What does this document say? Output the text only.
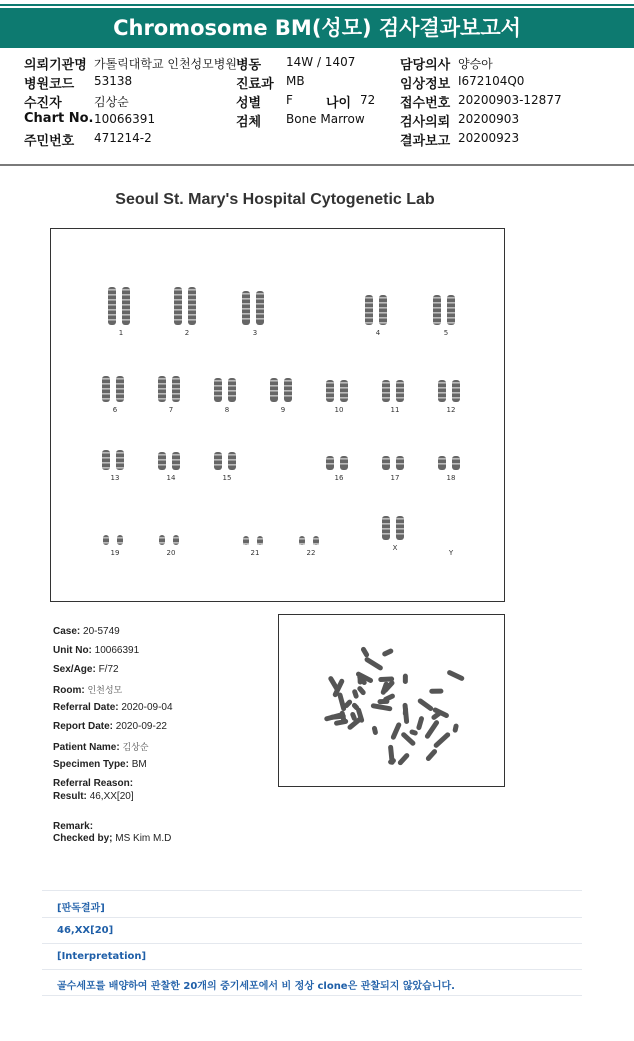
Chromosome BM(성모) 검사결과보고서
의뢰기관명 가톨릭대학교 인천성모병원 병동 14W / 1407	담당의사 양승아
병원코드 53138	진료과 MB	임상정보 I672104Q0
수진자	김상순	성별 F	나이 72 접수번호 20200903-12877
Chart No. 10066391	검체 Bone Marrow	검사의뢰 20200903
주민번호 471214-2	결과보고 20200923
Seoul St. Mary's Hospital Cytogenetic Lab
1	2	3	4	5
6	7	8	9	10	11	12
13	14	15	16	17	18
19	20	21	22
X
Y
Case: 20-5749
Unit No: 10066391
Sex/Age: F/72
Room: 인천성모
Referral Date: 2020-09-04
Report Date: 2020-09-22
Patient Name: 김상순
Specimen Type: BM
Referral Reason:
Result: 46,XX[20]
Remark:
Checked by; MS Kim M.D
[판독결과]
46,XX[20]
[Interpretation]
골수세포를 배양하여 관찰한 20개의 중기세포에서 비 정상 clone은 관찰되지 않았습니다.
